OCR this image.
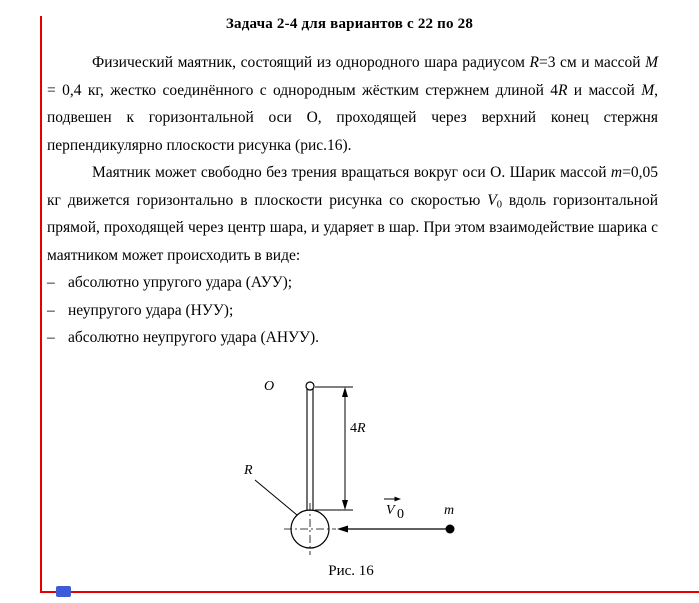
Задача 2-4 для вариантов с 22 по 28

Физический маятник, состоящий из однородного шара радиусом R=3 см и массой M = 0,4 кг, жестко соединённого с однородным жёстким стержнем длиной 4R и массой M, подвешен к горизонтальной оси О, проходящей через верхний конец стержня перпендикулярно плоскости рисунка (рис.16).

Маятник может свободно без трения вращаться вокруг оси О. Шарик массой m=0,05 кг движется горизонтально в плоскости рисунка со скоростью $V_0$ вдоль горизонтальной прямой, проходящей через центр шара, и ударяет в шар. При этом взаимодействие шарика с маятником может происходить в виде:

– абсолютно упругого удара (АУУ);
– неупругого удара (НУУ);
– абсолютно неупругого удара (АНУУ).
O
4R
R
V 0	m
Рис. 16
